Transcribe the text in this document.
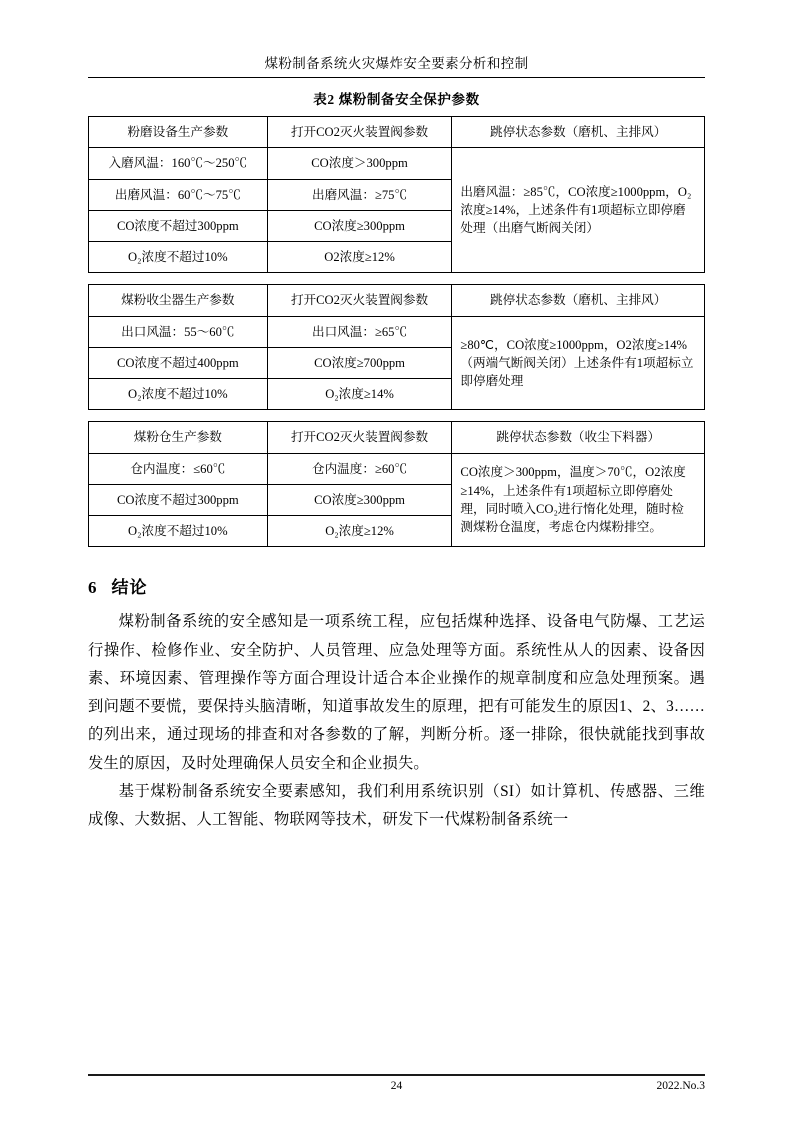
煤粉制备系统火灾爆炸安全要素分析和控制
表2 煤粉制备安全保护参数
粉磨设备生产参数	打开CO2灭火装置阀参数	跳停状态参数（磨机、主排风）
入磨风温：160℃～250℃	CO浓度＞300ppm	出磨风温：≥85℃，CO浓度≥1000ppm，O₂浓度≥14%，上述条件有1项超标立即停磨处理（出磨气断阀关闭）
出磨风温：60℃～75℃	出磨风温：≥75℃	
CO浓度不超过300ppm	CO浓度≥300ppm	
O₂浓度不超过10%	O2浓度≥12%	
煤粉收尘器生产参数	打开CO2灭火装置阀参数	跳停状态参数（磨机、主排风）
出口风温：55～60℃	出口风温：≥65℃	≥80℃，CO浓度≥1000ppm，O2浓度≥14%（两端气断阀关闭）上述条件有1项超标立即停磨处理
CO浓度不超过400ppm	CO浓度≥700ppm	
O₂浓度不超过10%	O₂浓度≥14%	
煤粉仓生产参数	打开CO2灭火装置阀参数	跳停状态参数（收尘下料器）
仓内温度：≤60℃	仓内温度：≥60℃	CO浓度＞300ppm，温度＞70℃，O2浓度≥14%，上述条件有1项超标立即停磨处理，同时喷入CO₂进行惰化处理，随时检测煤粉仓温度，考虑仓内煤粉排空。
CO浓度不超过300ppm	CO浓度≥300ppm	
O₂浓度不超过10%	O₂浓度≥12%	
6 结论

煤粉制备系统的安全感知是一项系统工程，应包括煤种选择、设备电气防爆、工艺运行操作、检修作业、安全防护、人员管理、应急处理等方面。系统性从人的因素、设备因素、环境因素、管理操作等方面合理设计适合本企业操作的规章制度和应急处理预案。遇到问题不要慌，要保持头脑清晰，知道事故发生的原理，把有可能发生的原因1、2、3……的列出来，通过现场的排查和对各参数的了解，判断分析。逐一排除，很快就能找到事故发生的原因，及时处理确保人员安全和企业损失。

基于煤粉制备系统安全要素感知，我们利用系统识别（SI）如计算机、传感器、三维成像、大数据、人工智能、物联网等技术，研发下一代煤粉制备系统一

24	2022.No.3
